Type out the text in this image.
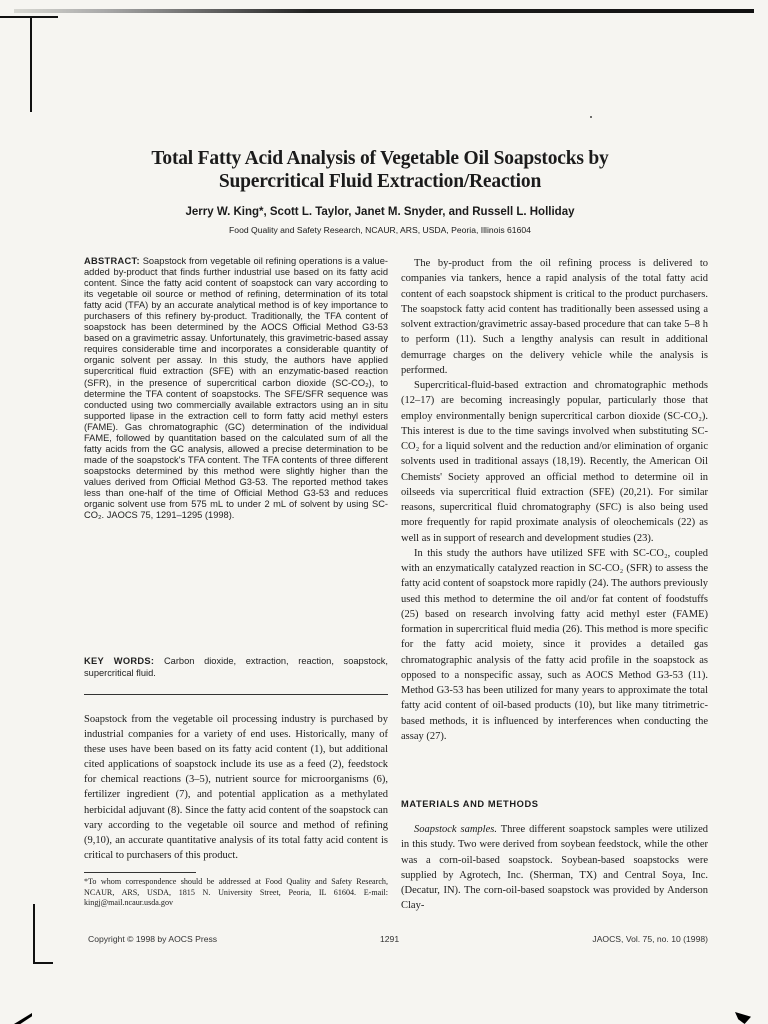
Total Fatty Acid Analysis of Vegetable Oil Soapstocks by
Supercritical Fluid Extraction/Reaction
Jerry W. King*, Scott L. Taylor, Janet M. Snyder, and Russell L. Holliday
Food Quality and Safety Research, NCAUR, ARS, USDA, Peoria, Illinois 61604
ABSTRACT: Soapstock from vegetable oil refining operations is a value-added by-product that finds further industrial use based on its fatty acid content. Since the fatty acid content of soapstock can vary according to its vegetable oil source or method of refining, determination of its total fatty acid (TFA) by an accurate analytical method is of key importance to purchasers of this refinery by-product. Traditionally, the TFA content of soapstock has been determined by the AOCS Official Method G3-53 based on a gravimetric assay. Unfortunately, this gravimetric-based assay requires considerable time and incorporates a considerable quantity of organic solvent per assay. In this study, the authors have applied supercritical fluid extraction (SFE) with an enzymatic-based reaction (SFR), in the presence of supercritical carbon dioxide (SC-CO₂), to determine the TFA content of soapstocks. The SFE/SFR sequence was conducted using two commercially available extractors using an in situ supported lipase in the extraction cell to form fatty acid methyl esters (FAME). Gas chromatographic (GC) determination of the individual FAME, followed by quantitation based on the calculated sum of all the fatty acids from the GC analysis, allowed a precise determination to be made of the soapstock's TFA content. The TFA contents of three different soapstocks determined by this method were slightly higher than the values derived from Official Method G3-53. The reported method takes less than one-half of the time of Official Method G3-53 and reduces organic solvent use from 575 mL to under 2 mL of solvent by using SC-CO₂. JAOCS 75, 1291–1295 (1998).
KEY WORDS: Carbon dioxide, extraction, reaction, soapstock, supercritical fluid.
Soapstock from the vegetable oil processing industry is purchased by industrial companies for a variety of end uses. Historically, many of these uses have been based on its fatty acid content (1), but additional cited applications of soapstock include its use as a feed (2), feedstock for chemical reactions (3–5), nutrient source for microorganisms (6), fertilizer ingredient (7), and potential application as a methylated herbicidal adjuvant (8). Since the fatty acid content of the soapstock can vary according to the vegetable oil source and method of refining (9,10), an accurate quantitative analysis of its total fatty acid content is critical to purchasers of this product.
*To whom correspondence should be addressed at Food Quality and Safety Research, NCAUR, ARS, USDA, 1815 N. University Street, Peoria, IL 61604. E-mail: kingj@mail.ncaur.usda.gov

The by-product from the oil refining process is delivered to companies via tankers, hence a rapid analysis of the total fatty acid content of each soapstock shipment is critical to the product purchasers. The soapstock fatty acid content has traditionally been assessed using a solvent extraction/gravimetric assay-based procedure that can take 5–8 h to perform (11). Such a lengthy analysis can result in additional demurrage charges on the delivery vehicle while the analysis is performed.

Supercritical-fluid-based extraction and chromatographic methods (12–17) are becoming increasingly popular, particularly those that employ environmentally benign supercritical carbon dioxide (SC-CO₂). This interest is due to the time savings involved when substituting SC-CO₂ for a liquid solvent and the reduction and/or elimination of organic solvents used in traditional assays (18,19). Recently, the American Oil Chemists' Society approved an official method to determine oil in oilseeds via supercritical fluid extraction (SFE) (20,21). For similar reasons, supercritical fluid chromatography (SFC) is also being used more frequently for rapid proximate analysis of oleochemicals (22) as well as in support of research and development studies (23).

In this study the authors have utilized SFE with SC-CO₂, coupled with an enzymatically catalyzed reaction in SC-CO₂ (SFR) to assess the fatty acid content of soapstock more rapidly (24). The authors previously used this method to determine the oil and/or fat content of foodstuffs (25) based on research involving fatty acid methyl ester (FAME) formation in supercritical fluid media (26). This method is more specific for the fatty acid moiety, since it provides a detailed gas chromatographic analysis of the fatty acid profile in the soapstock as opposed to a nonspecific assay, such as AOCS Method G3-53 (11). Method G3-53 has been utilized for many years to approximate the total fatty acid content of oil-based products (10), but like many titrimetric-based methods, it is influenced by interferences when conducting the assay (27).

MATERIALS AND METHODS

Soapstock samples. Three different soapstock samples were utilized in this study. Two were derived from soybean feedstock, while the other was a corn-oil-based soapstock. Soybean-based soapstocks were supplied by Agrotech, Inc. (Sherman, TX) and Central Soya, Inc. (Decatur, IN). The corn-oil-based soapstock was provided by Anderson Clay-

Copyright © 1998 by AOCS Press	1291	JAOCS, Vol. 75, no. 10 (1998)
